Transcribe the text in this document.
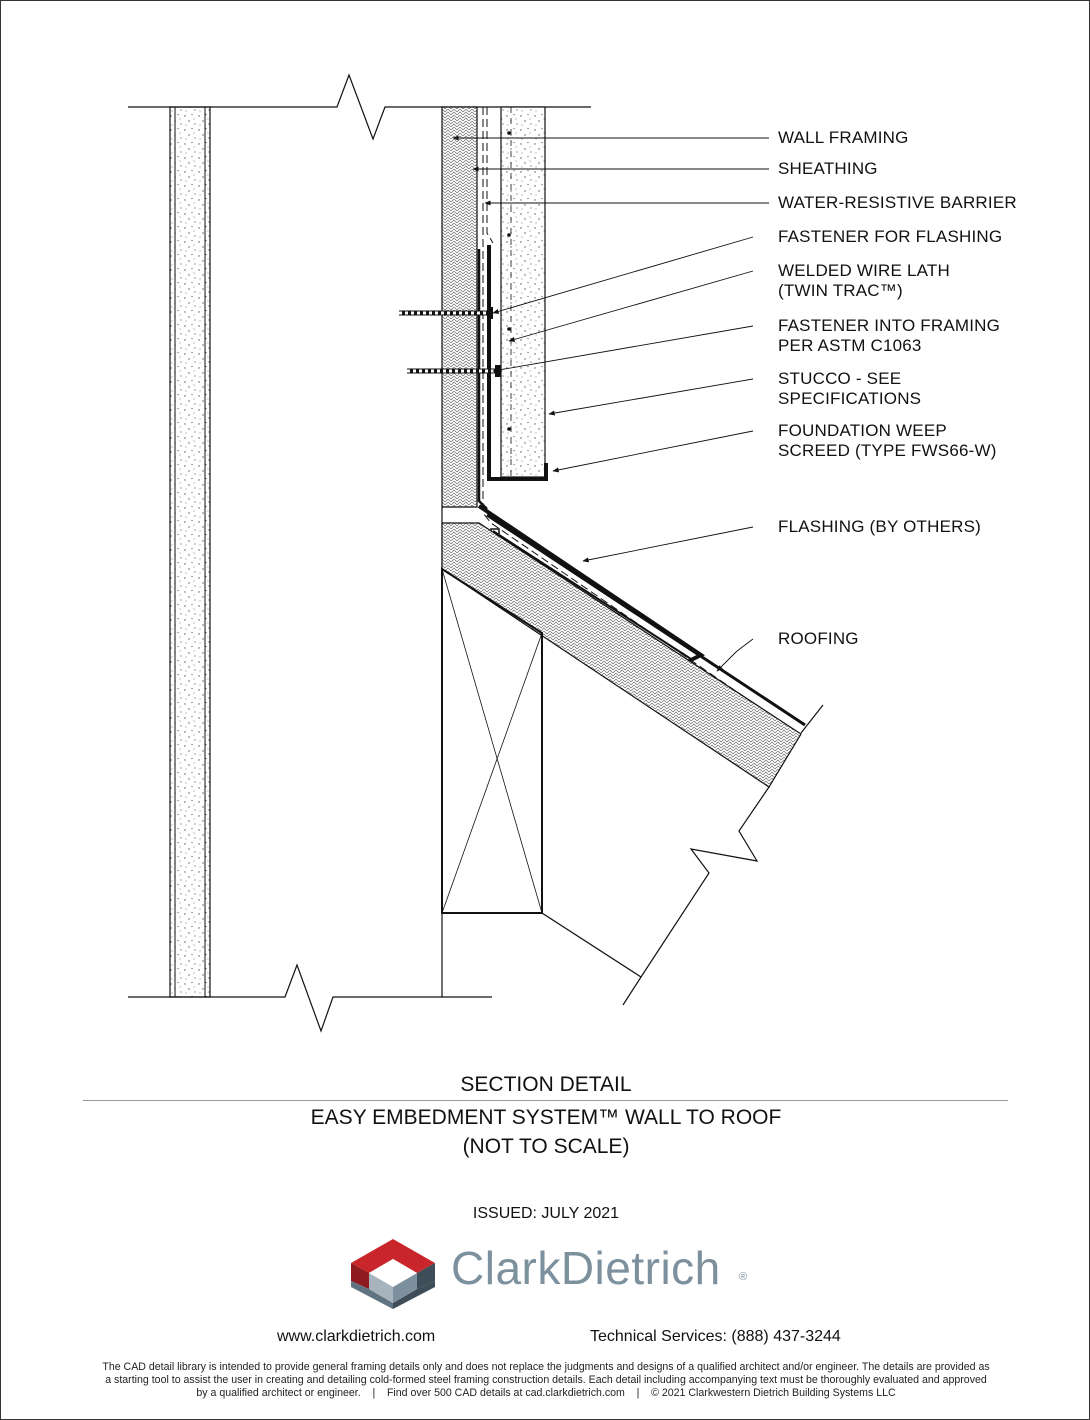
WALL FRAMING
SHEATHING
WATER-RESISTIVE BARRIER
FASTENER FOR FLASHING
WELDED WIRE LATH
(TWIN TRAC™)
FASTENER INTO FRAMING
PER ASTM C1063
STUCCO - SEE
SPECIFICATIONS
FOUNDATION WEEP
SCREED (TYPE FWS66-W)
FLASHING (BY OTHERS)
ROOFING
SECTION DETAIL
EASY EMBEDMENT SYSTEM™ WALL TO ROOF
(NOT TO SCALE)
ISSUED: JULY 2021
ClarkDietrich ®
www.clarkdietrich.com	Technical Services: (888) 437-3244
The CAD detail library is intended to provide general framing details only and does not replace the judgments and designs of a qualified architect and/or engineer. The details are provided as
a starting tool to assist the user in creating and detailing cold-formed steel framing construction details. Each detail including accompanying text must be thoroughly evaluated and approved
by a qualified architect or engineer.    |    Find over 500 CAD details at cad.clarkdietrich.com    |    © 2021 Clarkwestern Dietrich Building Systems LLC
